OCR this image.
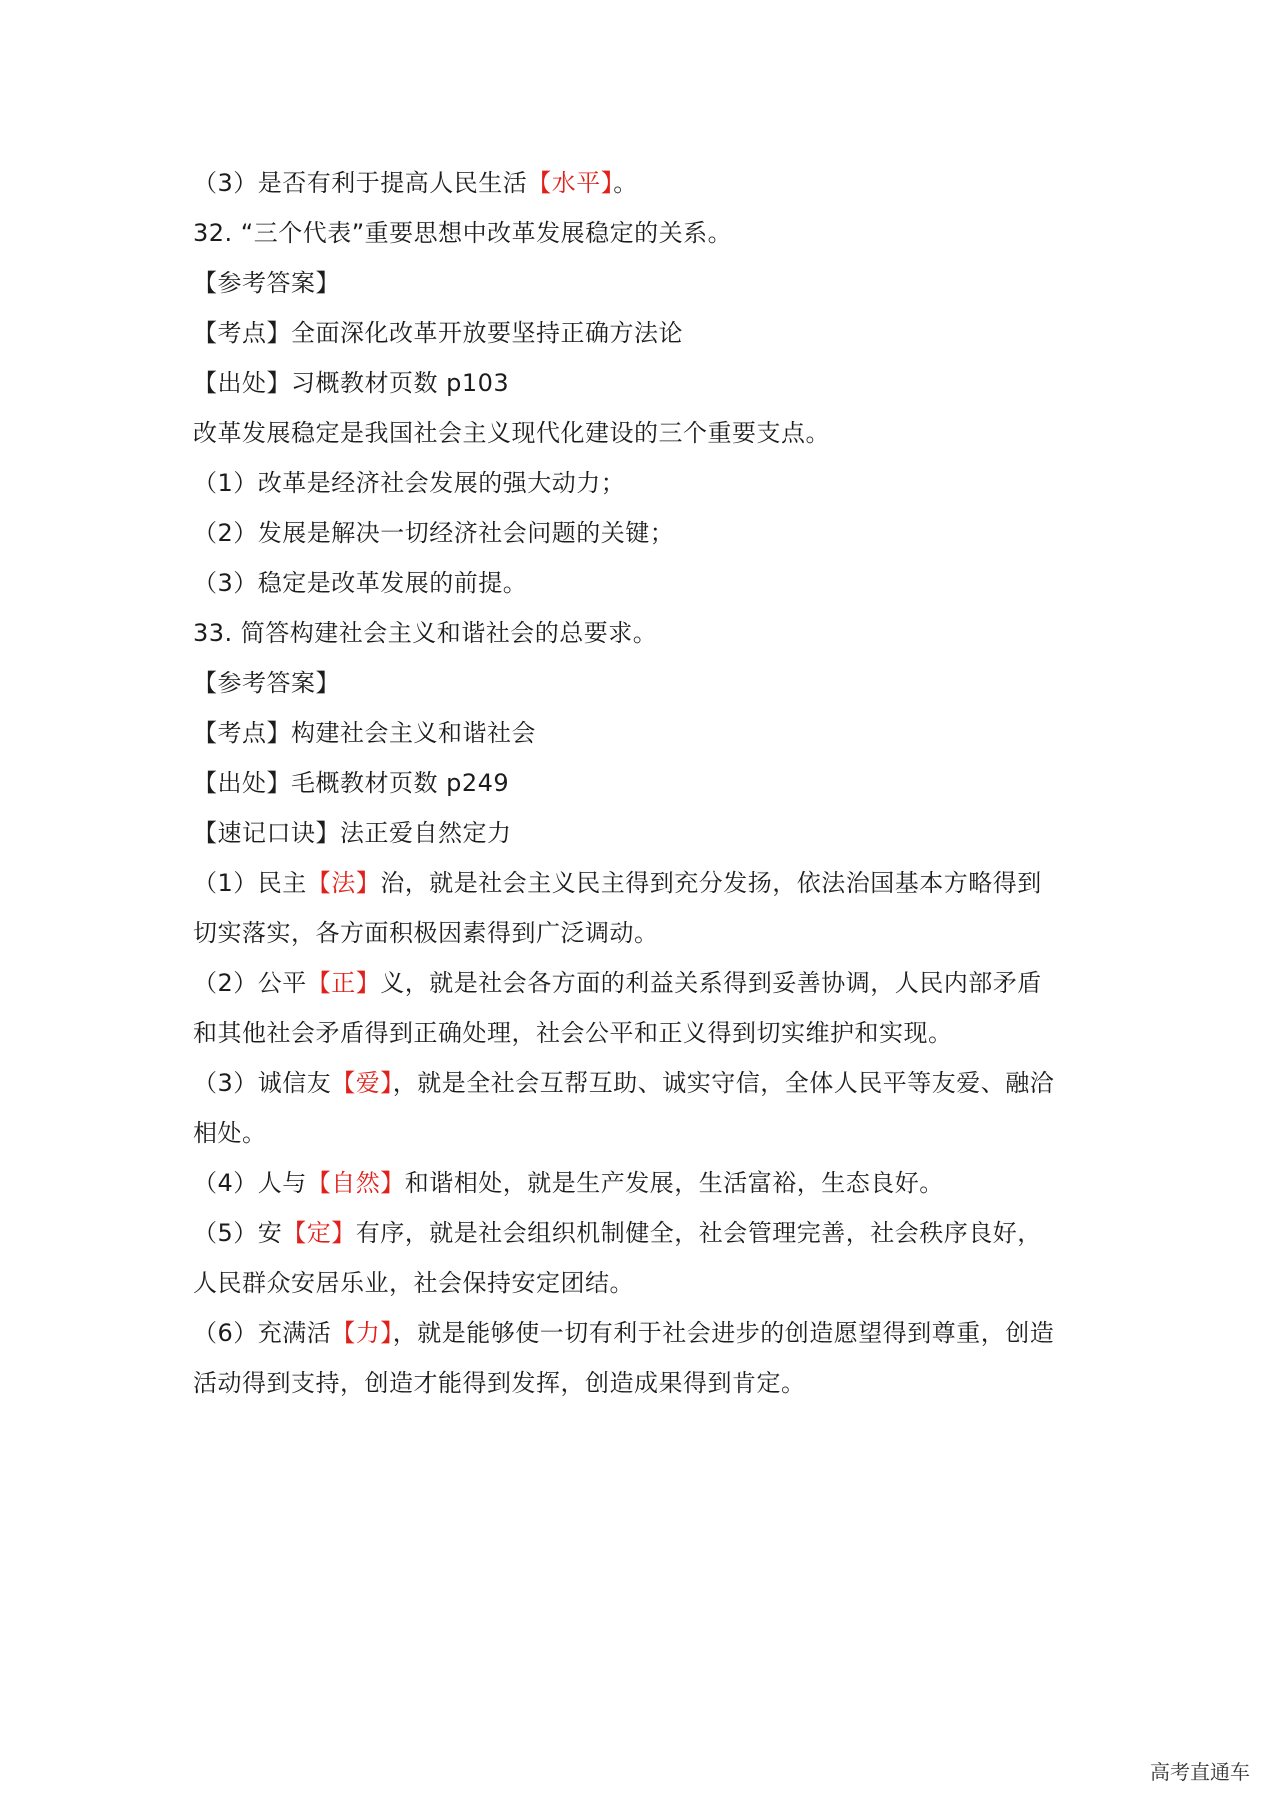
（3）是否有利于提高人民生活【水平】。
32. “三个代表”重要思想中改革发展稳定的关系。
【参考答案】
【考点】全面深化改革开放要坚持正确方法论
【出处】习概教材页数 p103
改革发展稳定是我国社会主义现代化建设的三个重要支点。
（1）改革是经济社会发展的强大动力；
（2）发展是解决一切经济社会问题的关键；
（3）稳定是改革发展的前提。
33. 简答构建社会主义和谐社会的总要求。
【参考答案】
【考点】构建社会主义和谐社会
【出处】毛概教材页数 p249
【速记口诀】法正爱自然定力
（1）民主【法】治，就是社会主义民主得到充分发扬，依法治国基本方略得到
切实落实，各方面积极因素得到广泛调动。
（2）公平【正】义，就是社会各方面的利益关系得到妥善协调，人民内部矛盾
和其他社会矛盾得到正确处理，社会公平和正义得到切实维护和实现。
（3）诚信友【爱】，就是全社会互帮互助、诚实守信，全体人民平等友爱、融洽
相处。
（4）人与【自然】和谐相处，就是生产发展，生活富裕，生态良好。
（5）安【定】有序，就是社会组织机制健全，社会管理完善，社会秩序良好，
人民群众安居乐业，社会保持安定团结。
（6）充满活【力】，就是能够使一切有利于社会进步的创造愿望得到尊重，创造
活动得到支持，创造才能得到发挥，创造成果得到肯定。
高考直通车
